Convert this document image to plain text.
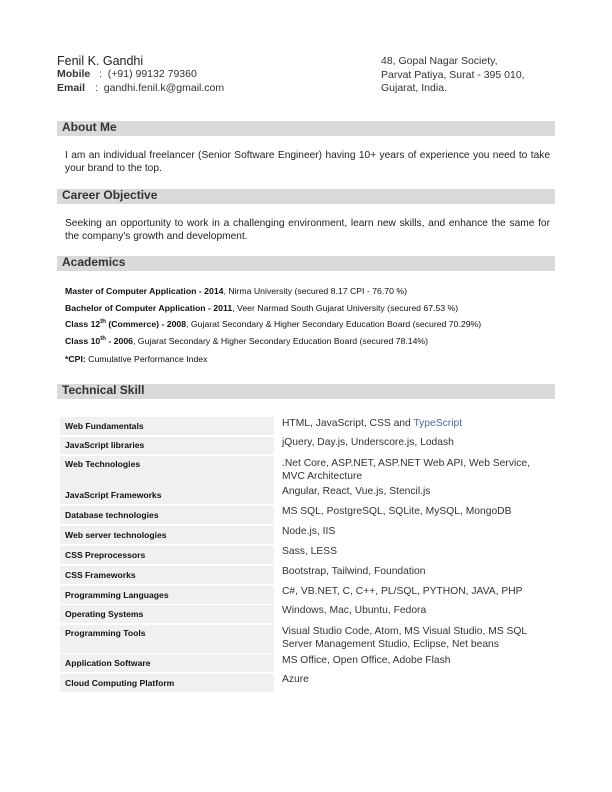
Fenil K. Gandhi
Mobile : (+91) 99132 79360
Email : gandhi.fenil.k@gmail.com
48, Gopal Nagar Society,
Parvat Patiya, Surat - 395 010,
Gujarat, India.
About Me
I am an individual freelancer (Senior Software Engineer) having 10+ years of experience you need to take your brand to the top.
Career Objective
Seeking an opportunity to work in a challenging environment, learn new skills, and enhance the same for the company's growth and development.
Academics
Master of Computer Application - 2014, Nirma University (secured 8.17 CPI - 76.70 %)
Bachelor of Computer Application - 2011, Veer Narmad South Gujarat University (secured 67.53 %)
Class 12th (Commerce) - 2008, Gujarat Secondary & Higher Secondary Education Board (secured 70.29%)
Class 10th - 2006, Gujarat Secondary & Higher Secondary Education Board (secured 78.14%)
*CPI: Cumulative Performance Index
Technical Skill
Web Fundamentals	HTML, JavaScript, CSS and TypeScript
JavaScript libraries	jQuery, Day.js, Underscore.js, Lodash
Web Technologies	.Net Core, ASP.NET, ASP.NET Web API, Web Service, MVC Architecture
JavaScript Frameworks	Angular, React, Vue.js, Stencil.js
Database technologies	MS SQL, PostgreSQL, SQLite, MySQL, MongoDB
Web server technologies	Node.js, IIS
CSS Preprocessors	Sass, LESS
CSS Frameworks	Bootstrap, Tailwind, Foundation
Programming Languages	C#, VB.NET, C, C++, PL/SQL, PYTHON, JAVA, PHP
Operating Systems	Windows, Mac, Ubuntu, Fedora
Programming Tools	Visual Studio Code, Atom, MS Visual Studio, MS SQL Server Management Studio, Eclipse, Net beans
Application Software	MS Office, Open Office, Adobe Flash
Cloud Computing Platform	Azure
